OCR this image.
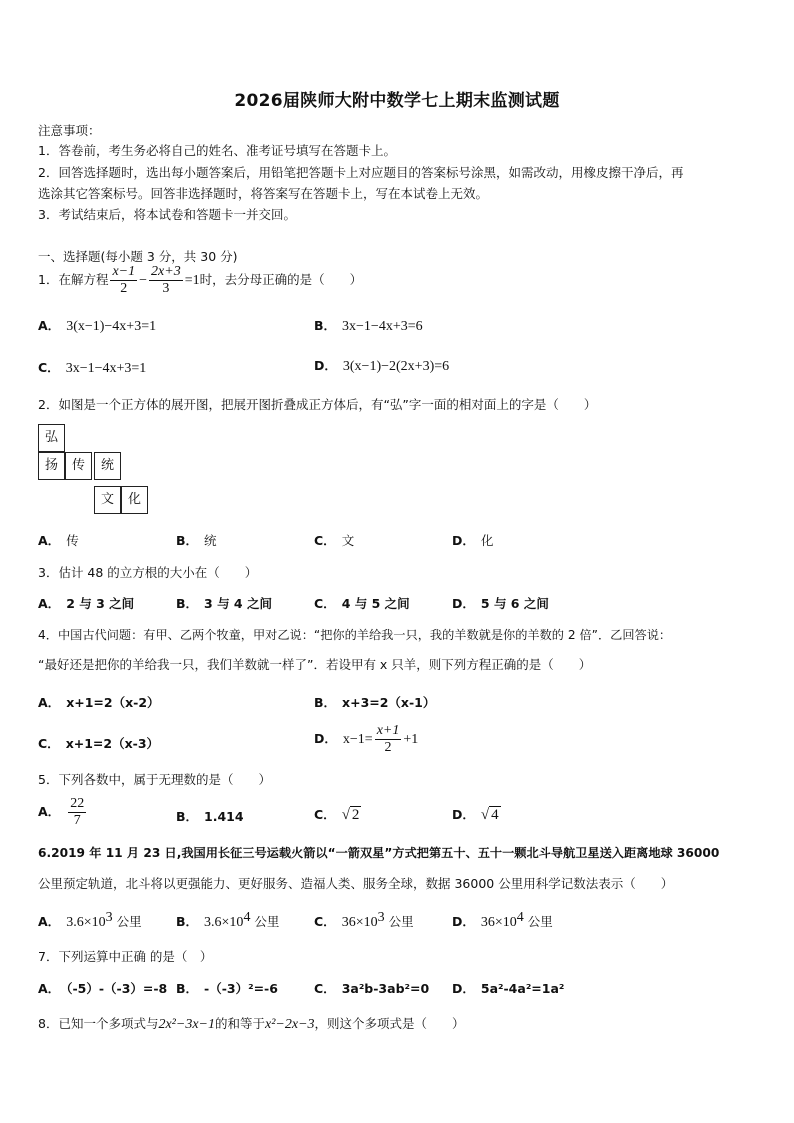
2026届陕师大附中数学七上期末监测试题
注意事项：
1．答卷前，考生务必将自己的姓名、准考证号填写在答题卡上。
2．回答选择题时，选出每小题答案后，用铅笔把答题卡上对应题目的答案标号涂黑，如需改动，用橡皮擦干净后，再
选涂其它答案标号。回答非选择题时，将答案写在答题卡上，写在本试卷上无效。
3．考试结束后，将本试卷和答题卡一并交回。
一、选择题(每小题 3 分，共 30 分)
1．在解方程 $\frac{x-1}{2} - \frac{2x+3}{3} =1$时，去分母正确的是（　　）
A． 3(x−1)−4x+3=1	B． 3x−1−4x+3=6
C． 3x−1−4x+3=1	D． 3(x−1)−2(2x+3)=6
2．如图是一个正方体的展开图，把展开图折叠成正方体后，有“弘”字一面的相对面上的字是（　　）
弘
扬	传	统
文	化
A． 传	B． 统	C． 文	D． 化
3．估计 48 的立方根的大小在（　　）
A． 2 与 3 之间	B． 3 与 4 之间	C． 4 与 5 之间	D． 5 与 6 之间
4．中国古代问题：有甲、乙两个牧童，甲对乙说：“把你的羊给我一只，我的羊数就是你的羊数的 2 倍”．乙回答说：
“最好还是把你的羊给我一只，我们羊数就一样了”．若设甲有 x 只羊，则下列方程正确的是（　　）
A． x+1=2（x-2）	B． x+3=2（x-1）
C． x+1=2（x-3）	D． $x-1= \frac{x+1}{2} +1$
5．下列各数中，属于无理数的是（　　）
A． $\frac{22}{7}$	B． 1.414	C． √ 2	D． √ 4
6.2019 年 11 月 23 日,我国用长征三号运载火箭以“一箭双星”方式把第五十、五十一颗北斗导航卫星送入距离地球 36000
公里预定轨道，北斗将以更强能力、更好服务、造福人类、服务全球，数据 36000 公里用科学记数法表示（　　）
A． $3.6\times 10^3$ 公里	B． $3.6\times 10^4$ 公里	C． $36\times 10^3$ 公里	D． $36\times 10^4$ 公里
7．下列运算中正确 的是（　）
A． （-5）-（-3）=-8 B． -（-3）²=-6	C． 3a²b-3ab²=0 D． 5a²-4a²=1a²
8．已知一个多项式与2x²−3x−1的和等于x²−2x−3，则这个多项式是（　　）
